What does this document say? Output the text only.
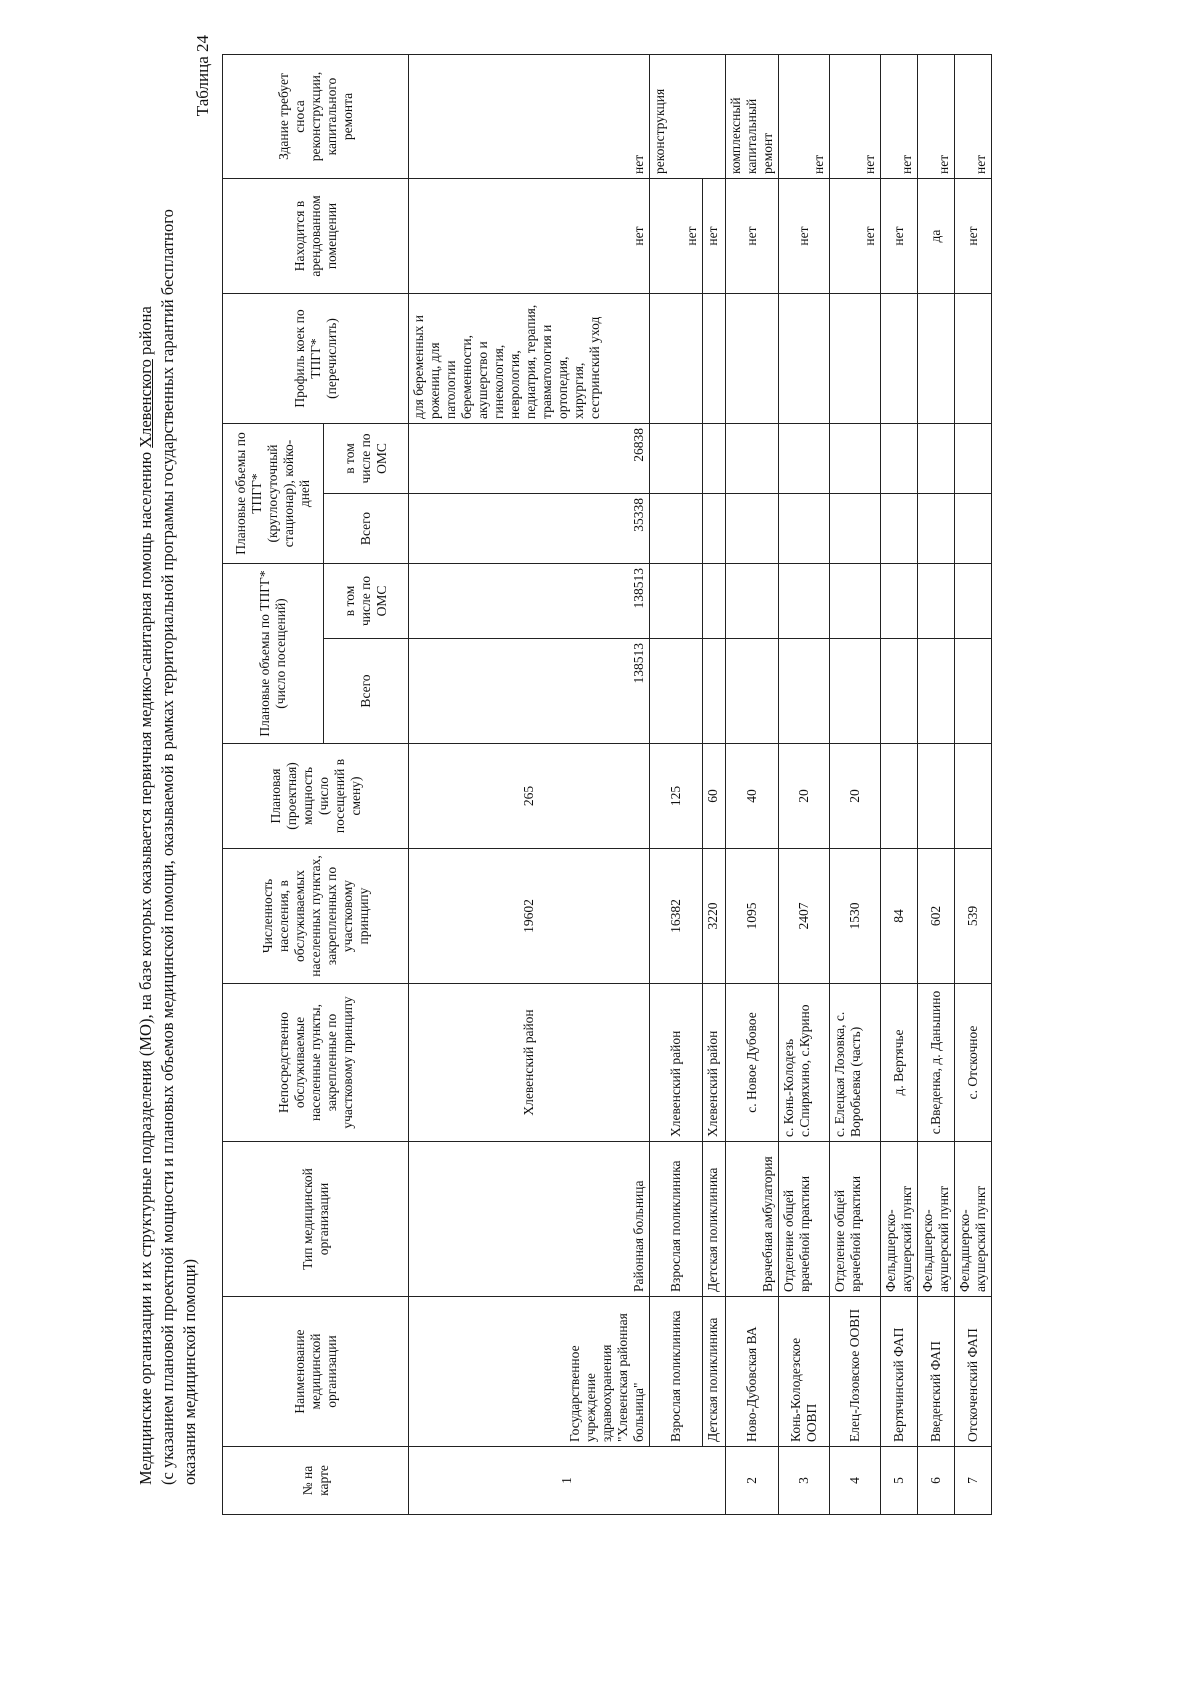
Медицинские организации и их структурные подразделения (МО), на базе которых оказывается первичная медико-санитарная помощь населению Хлевенского района (с указанием плановой проектной мощности и плановых объемов медицинской помощи, оказываемой в рамках территориальной программы государственных гарантий бесплатного оказания медицинской помощи)
Таблица 24
№ на карте	Наименование медицинской организации	Тип медицинской организации	Непосредственно обслуживаемые населенные пункты, закрепленные по участковому принципу	Численность населения, в обслуживаемых населенных пунктах, закрепленных по участковому принципу	Плановая (проектная) мощность (число посещений в смену)	Плановые объемы по ТПГГ* (число посещений)		Плановые объемы по ТПГГ* (круглосуточный стационар), койко-дней		Профиль коек по ТПГГ* (перечислить)	Находится в арендованном помещении	Здание требует сноса реконструкции, капитального ремонта
						Всего	в том числе по ОМС	Всего	в том числе по ОМС			
1	Государственное учреждение здравоохранения "Хлевенская районная больница"	Районная больница	Хлевенский район	19602	265	138513	138513	35338	26838	для беременных и рожениц, для патологии беременности, акушерство и гинекология, неврология, педиатрия, терапия, травматология и ортопедия, хирургия, сестринский уход	нет	нет
	Взрослая поликлиника	Взрослая поликлиника	Хлевенский район	16382	125						нет	реконструкция
	Детская поликлиника	Детская поликлиника	Хлевенский район	3220	60						нет	
2	Ново-Дубовская ВА	Врачебная амбулатория	с. Новое Дубовое	1095	40						нет	комплексный капитальный ремонт
3	Конь-Колодезское ООВП	Отделение общей врачебной практики	с. Конь-Колодезь с.Спиряхино, с.Курино	2407	20						нет	нет
4	Елец-Лозовское ООВП	Отделение общей врачебной практики	с. Елецкая Лозовка, с. Воробьевка (часть)	1530	20						нет	нет
5	Вертячинский ФАП	Фельдшерско-акушерский пункт	д. Вертячье	84							нет	нет
6	Введенский ФАП	Фельдшерско-акушерский пункт	с.Введенка, д. Даньшино	602							да	нет
7	Отскоченский ФАП	Фельдшерско-акушерский пункт	с. Отскочное	539							нет	нет
